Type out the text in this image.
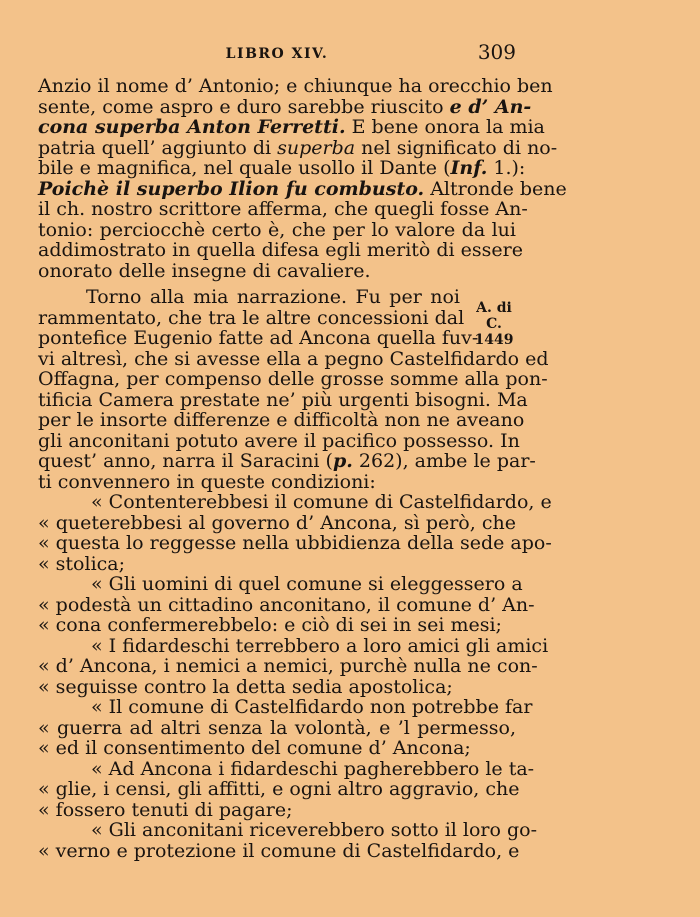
LIBRO XIV.	309
Anzio il nome d’ Antonio; e chiunque ha orecchio ben
sente, come aspro e duro sarebbe riuscito e d’ An-
cona superba Anton Ferretti. E bene onora la mia
patria quell’ aggiunto di superba nel significato di no-
bile e magnifica, nel quale usollo il Dante (Inf. 1.):
Poichè il superbo Ilion fu combusto. Altronde bene
il ch. nostro scrittore afferma, che quegli fosse An-
tonio: perciocchè certo è, che per lo valore da lui
addimostrato in quella difesa egli meritò di essere
onorato delle insegne di cavaliere.
Torno alla mia narrazione. Fu per noi
rammentato, che tra le altre concessioni dal
pontefice Eugenio fatte ad Ancona quella fuv-
vi altresì, che si avesse ella a pegno Castelfidardo ed
Offagna, per compenso delle grosse somme alla pon-
tificia Camera prestate ne’ più urgenti bisogni. Ma
per le insorte differenze e difficoltà non ne aveano
gli anconitani potuto avere il pacifico possesso. In
quest’ anno, narra il Saracini (p. 262), ambe le par-
ti convennero in queste condizioni:
« Contenterebbesi il comune di Castelfidardo, e
« queterebbesi al governo d’ Ancona, sì però, che
« questa lo reggesse nella ubbidienza della sede apo-
« stolica;
« Gli uomini di quel comune si eleggessero a
« podestà un cittadino anconitano, il comune d’ An-
« cona confermerebbelo: e ciò di sei in sei mesi;
« I fidardeschi terrebbero a loro amici gli amici
« d’ Ancona, i nemici a nemici, purchè nulla ne con-
« seguisse contro la detta sedia apostolica;
« Il comune di Castelfidardo non potrebbe far
« guerra ad altri senza la volontà, e ’l permesso,
« ed il consentimento del comune d’ Ancona;
« Ad Ancona i fidardeschi pagherebbero le ta-
« glie, i censi, gli affitti, e ogni altro aggravio, che
« fossero tenuti di pagare;
« Gli anconitani riceverebbero sotto il loro go-
« verno e protezione il comune di Castelfidardo, e
A. di C.
1449
